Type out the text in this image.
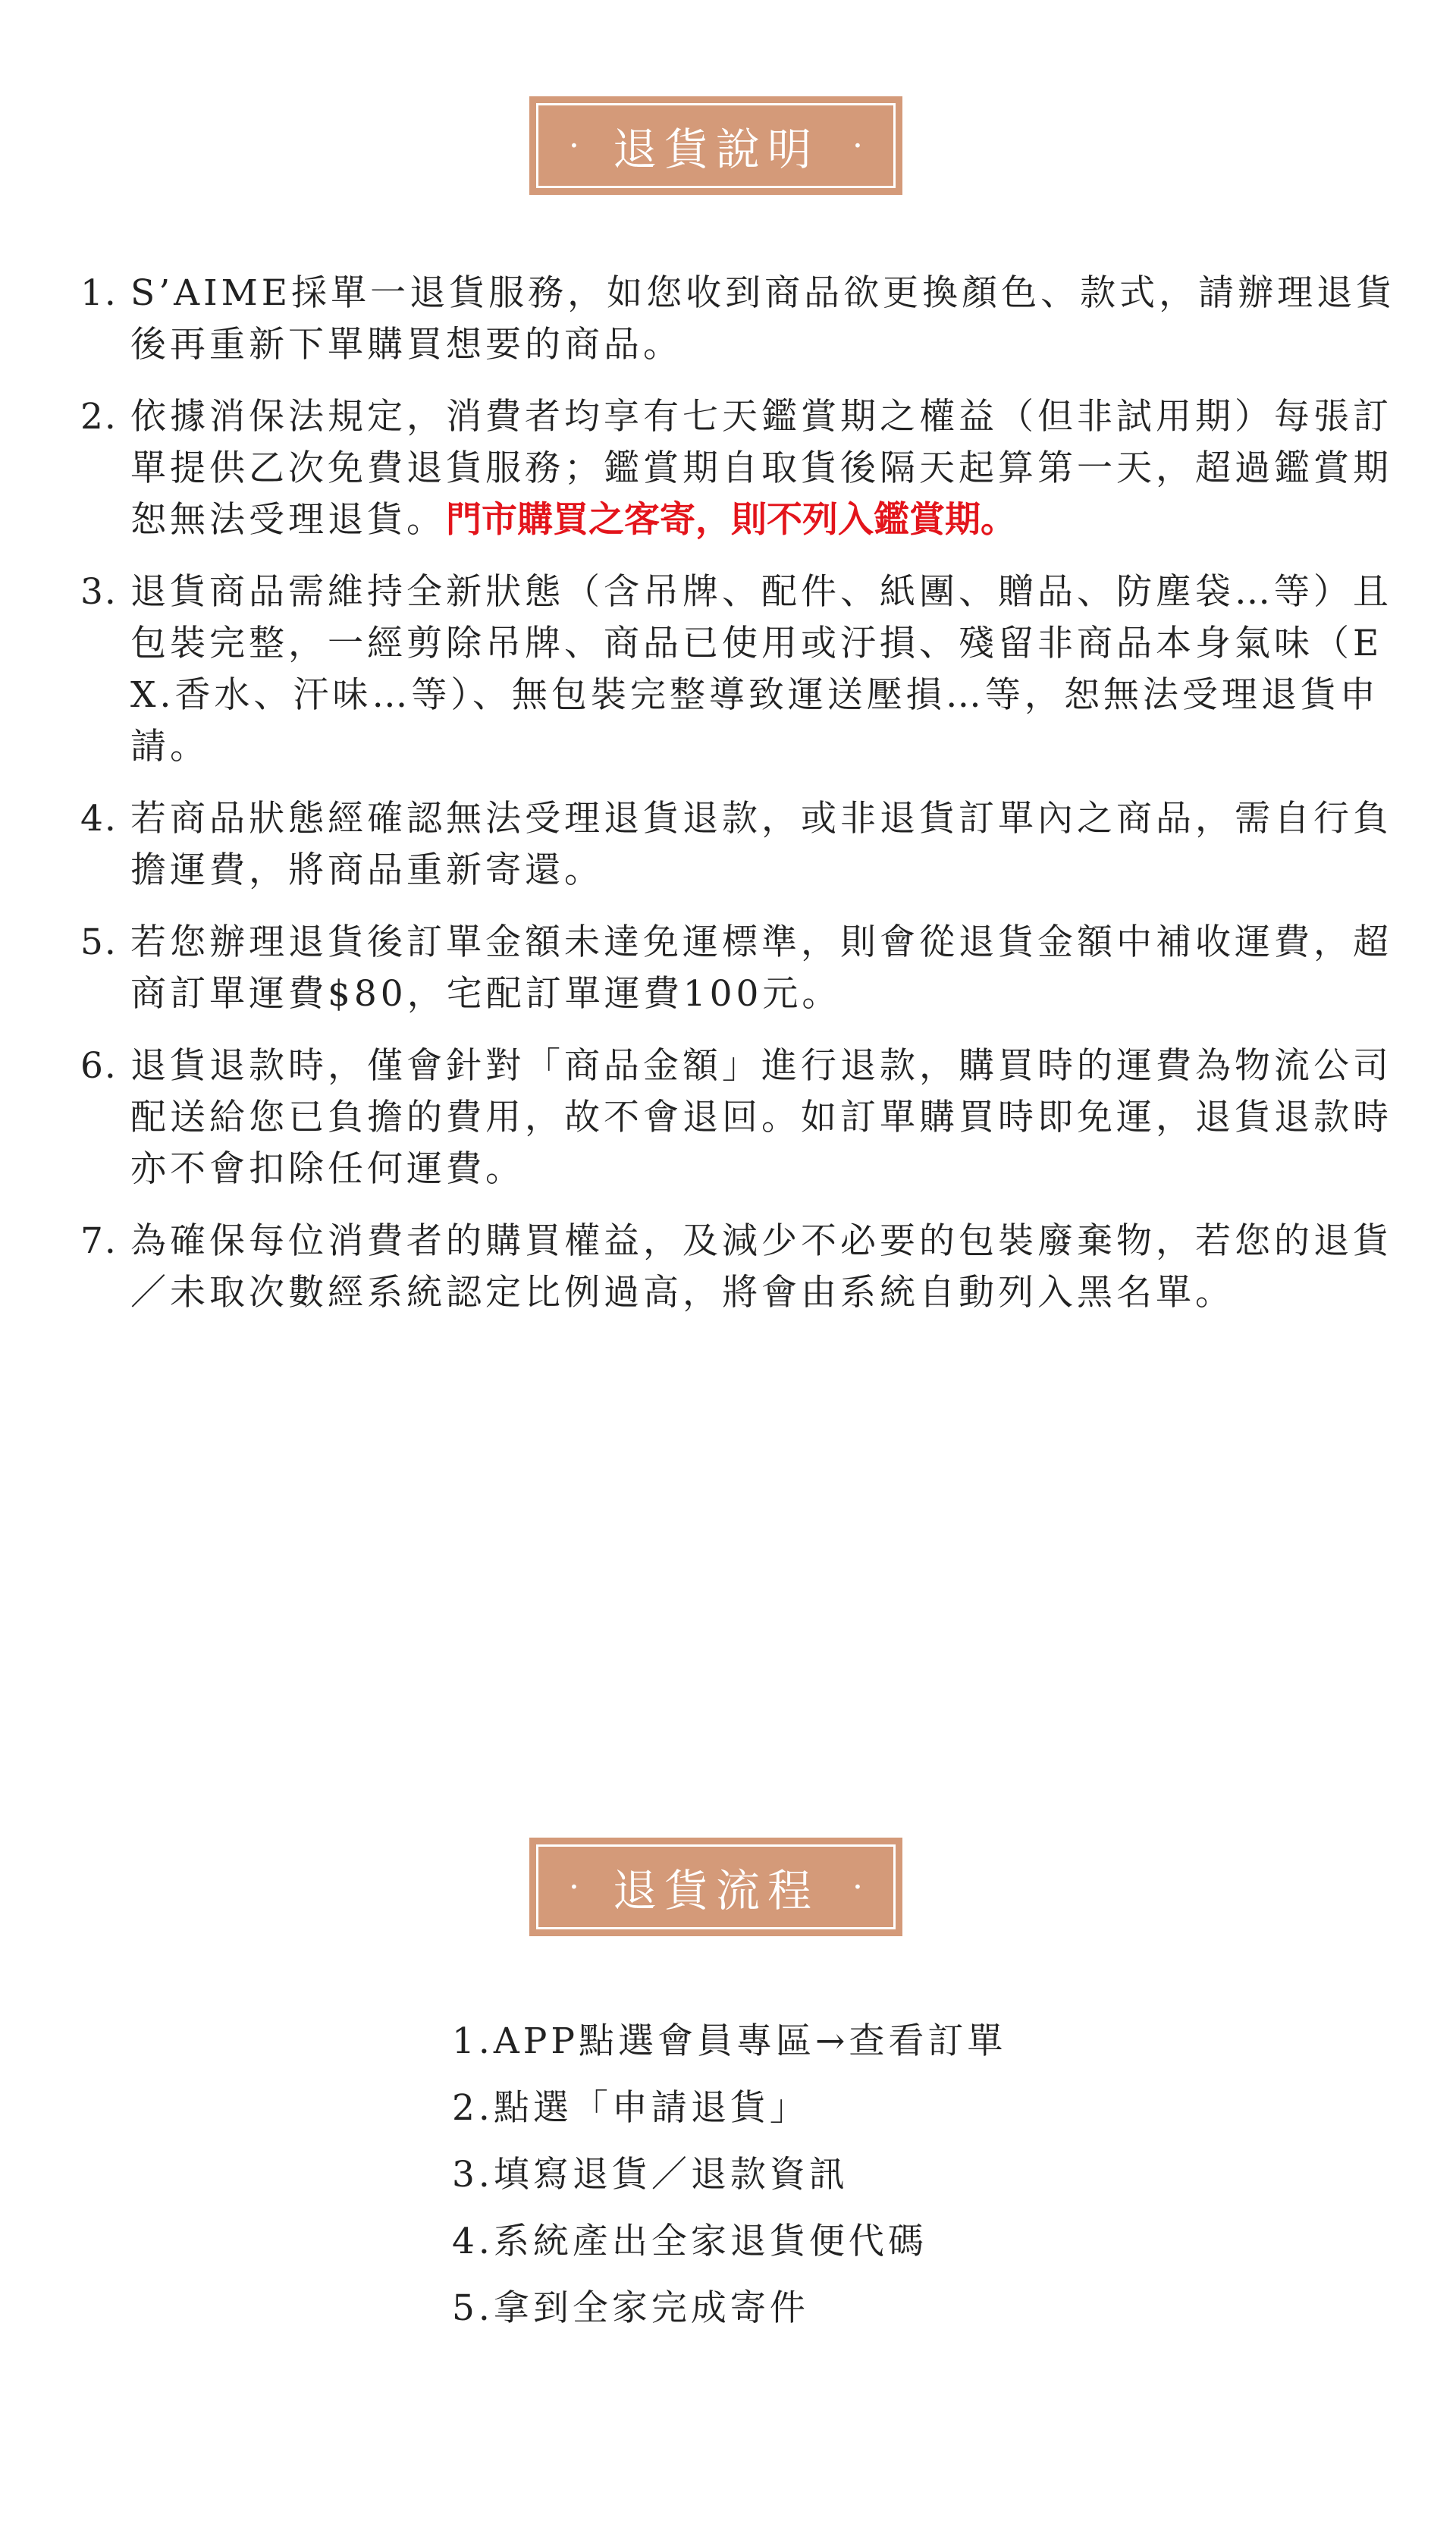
· 退貨說明 ·
1. S’AIME採單一退貨服務，如您收到商品欲更換顏色、款式，請辦理退貨後再重新下單購買想要的商品。
2. 依據消保法規定，消費者均享有七天鑑賞期之權益（但非試用期）每張訂單提供乙次免費退貨服務；鑑賞期自取貨後隔天起算第一天，超過鑑賞期恕無法受理退貨。門市購買之客寄，則不列入鑑賞期。
3. 退貨商品需維持全新狀態（含吊牌、配件、紙團、贈品、防塵袋…等）且包裝完整，一經剪除吊牌、商品已使用或汙損、殘留非商品本身氣味（EX.香水、汗味…等）、無包裝完整導致運送壓損…等，恕無法受理退貨申請。
4. 若商品狀態經確認無法受理退貨退款，或非退貨訂單內之商品，需自行負擔運費，將商品重新寄還。
5. 若您辦理退貨後訂單金額未達免運標準，則會從退貨金額中補收運費，超商訂單運費$80，宅配訂單運費100元。
6. 退貨退款時，僅會針對「商品金額」進行退款，購買時的運費為物流公司配送給您已負擔的費用，故不會退回。如訂單購買時即免運，退貨退款時亦不會扣除任何運費。
7. 為確保每位消費者的購買權益，及減少不必要的包裝廢棄物，若您的退貨／未取次數經系統認定比例過高，將會由系統自動列入黑名單。
· 退貨流程 ·
1.APP點選會員專區→查看訂單
2.點選「申請退貨」
3.填寫退貨／退款資訊
4.系統產出全家退貨便代碼
5.拿到全家完成寄件
